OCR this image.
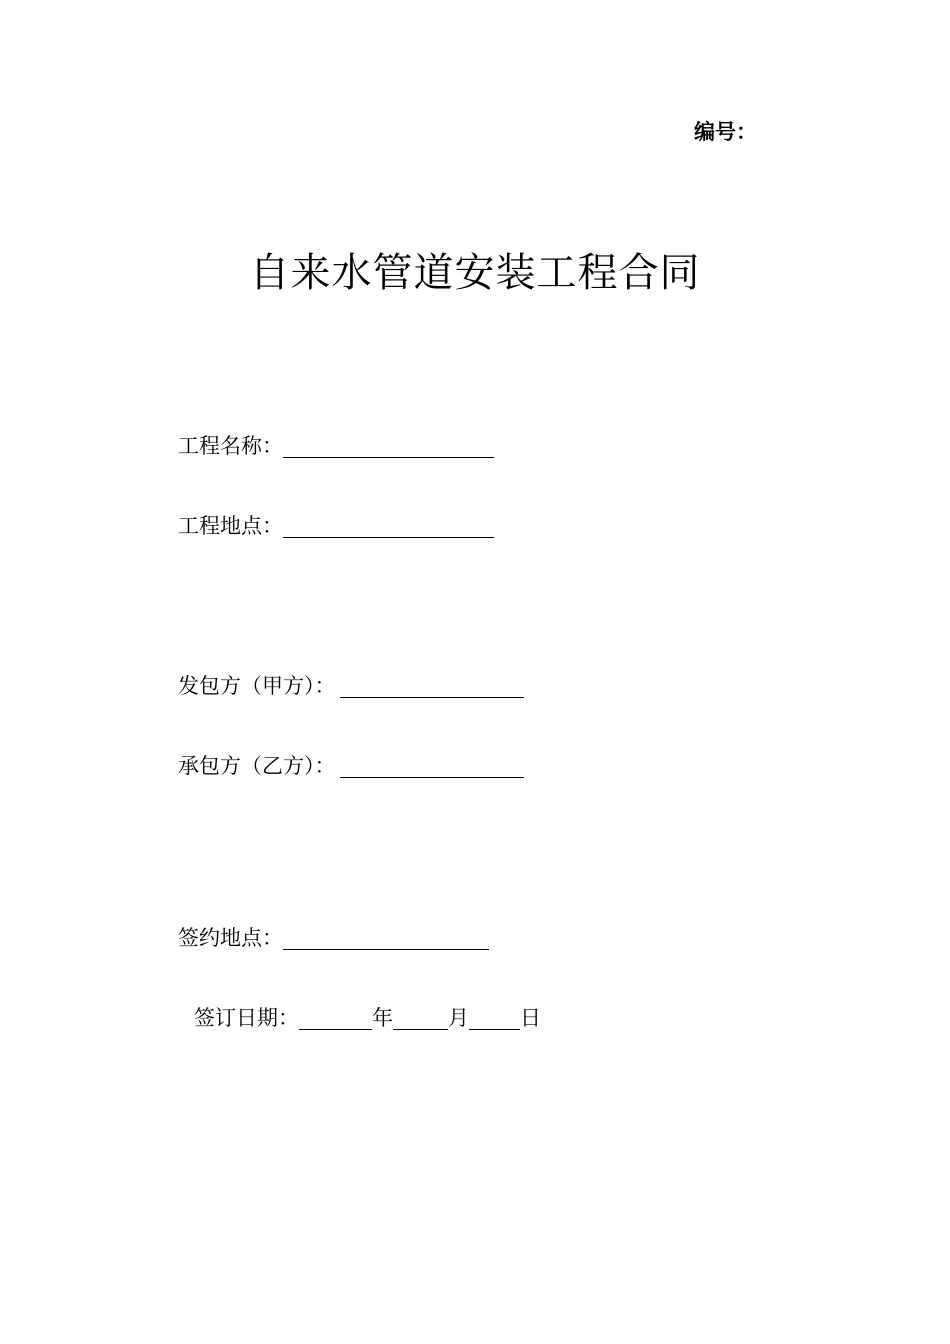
编号：
自来水管道安装工程合同
工程名称：
工程地点：
发包方（甲方）：
承包方（乙方）：
签约地点：
签订日期：	年	月 日
